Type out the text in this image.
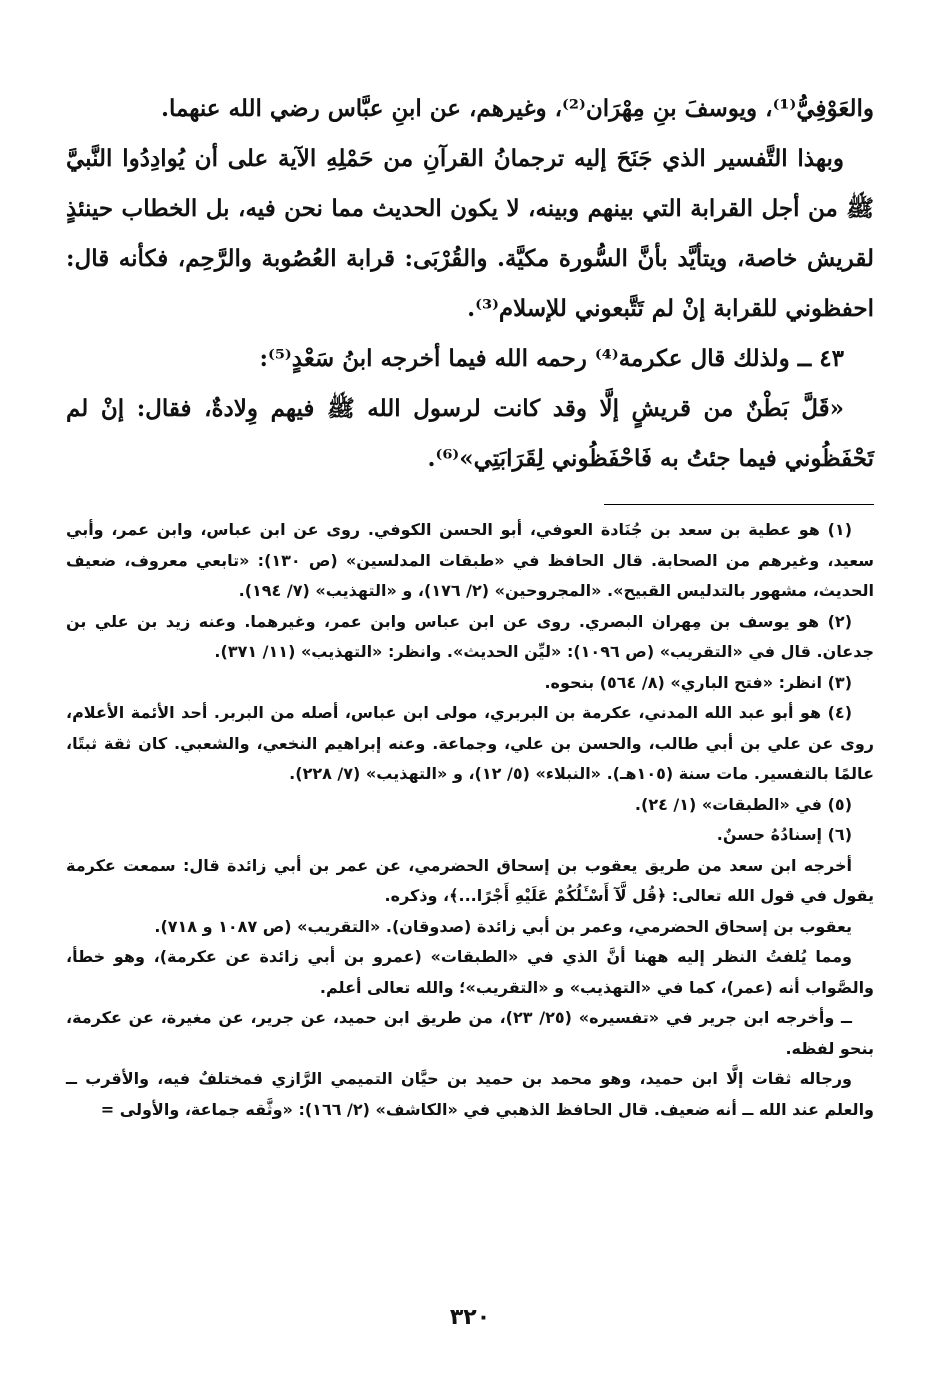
والعَوْفِيُّ⁽¹⁾، ويوسفَ بنِ مِهْرَان⁽²⁾، وغيرهم، عن ابنِ عبَّاس رضي الله عنهما.

وبهذا التَّفسير الذي جَنَحَ إليه ترجمانُ القرآنِ من حَمْلِهِ الآية على أن يُوادِدُوا النَّبيَّ ﷺ من أجل القرابة التي بينهم وبينه، لا يكون الحديث مما نحن فيه، بل الخطاب حينئذٍ لقريش خاصة، ويتأيَّد بأنَّ السُّورة مكيَّة. والقُرْبَى: قرابة العُصُوبة والرَّحِم، فكأنه قال: احفظوني للقرابة إنْ لم تَتَّبعوني للإسلام⁽³⁾.

٤٣ ــ ولذلك قال عكرمة⁽⁴⁾ رحمه الله فيما أخرجه ابنُ سَعْدٍ⁽⁵⁾:

«قَلَّ بَطْنٌ من قريشٍ إلَّا وقد كانت لرسول الله ﷺ فيهم وِلادةٌ، فقال: إنْ لم تَحْفَظُوني فيما جئتُ به فَاحْفَظُوني لِقَرَابَتِي»⁽⁶⁾.

(١) هو عطية بن سعد بن جُنَادة العوفي، أبو الحسن الكوفي. روى عن ابن عباس، وابن عمر، وأبي سعيد، وغيرهم من الصحابة. قال الحافظ في «طبقات المدلسين» (ص ١٣٠): «تابعي معروف، ضعيف الحديث، مشهور بالتدليس القبيح». «المجروحين» (٢/ ١٧٦)، و «التهذيب» (٧/ ١٩٤).

(٢) هو يوسف بن مِهران البصري. روى عن ابن عباس وابن عمر، وغيرهما. وعنه زيد بن علي بن جدعان. قال في «التقريب» (ص ١٠٩٦): «ليِّن الحديث». وانظر: «التهذيب» (١١/ ٣٧١).

(٣) انظر: «فتح الباري» (٨/ ٥٦٤) بنحوه.

(٤) هو أبو عبد الله المدني، عكرمة بن البربري، مولى ابن عباس، أصله من البربر. أحد الأئمة الأعلام، روى عن علي بن أبي طالب، والحسن بن علي، وجماعة. وعنه إبراهيم النخعي، والشعبي. كان ثقة ثبتًا، عالمًا بالتفسير. مات سنة (١٠٥هـ). «النبلاء» (٥/ ١٢)، و «التهذيب» (٧/ ٢٢٨).

(٥) في «الطبقات» (١/ ٢٤).

(٦) إسنادُهُ حسنٌ.

أخرجه ابن سعد من طريق يعقوب بن إسحاق الحضرمي، عن عمر بن أبي زائدة قال: سمعت عكرمة يقول في قول الله تعالى: ﴿قُل لَّآ أَسْـَٔلُكُمْ عَلَيْهِ أَجْرًا...﴾، وذكره.

يعقوب بن إسحاق الحضرمي، وعمر بن أبي زائدة (صدوقان). «التقريب» (ص ١٠٨٧ و ٧١٨).

ومما يُلفتُ النظر إليه ههنا أنَّ الذي في «الطبقات» (عمرو بن أبي زائدة عن عكرمة)، وهو خطأ، والصَّواب أنه (عمر)، كما في «التهذيب» و «التقريب»؛ والله تعالى أعلم.

ــ وأخرجه ابن جرير في «تفسيره» (٢٥/ ٢٣)، من طريق ابن حميد، عن جرير، عن مغيرة، عن عكرمة، بنحو لفظه.

ورجاله ثقات إلَّا ابن حميد، وهو محمد بن حميد بن حيَّان التميمي الرَّازي فمختلفٌ فيه، والأقرب ــ والعلم عند الله ــ أنه ضعيف. قال الحافظ الذهبي في «الكاشف» (٢/ ١٦٦): «وثَّقه جماعة، والأولى =

٣٢٠
